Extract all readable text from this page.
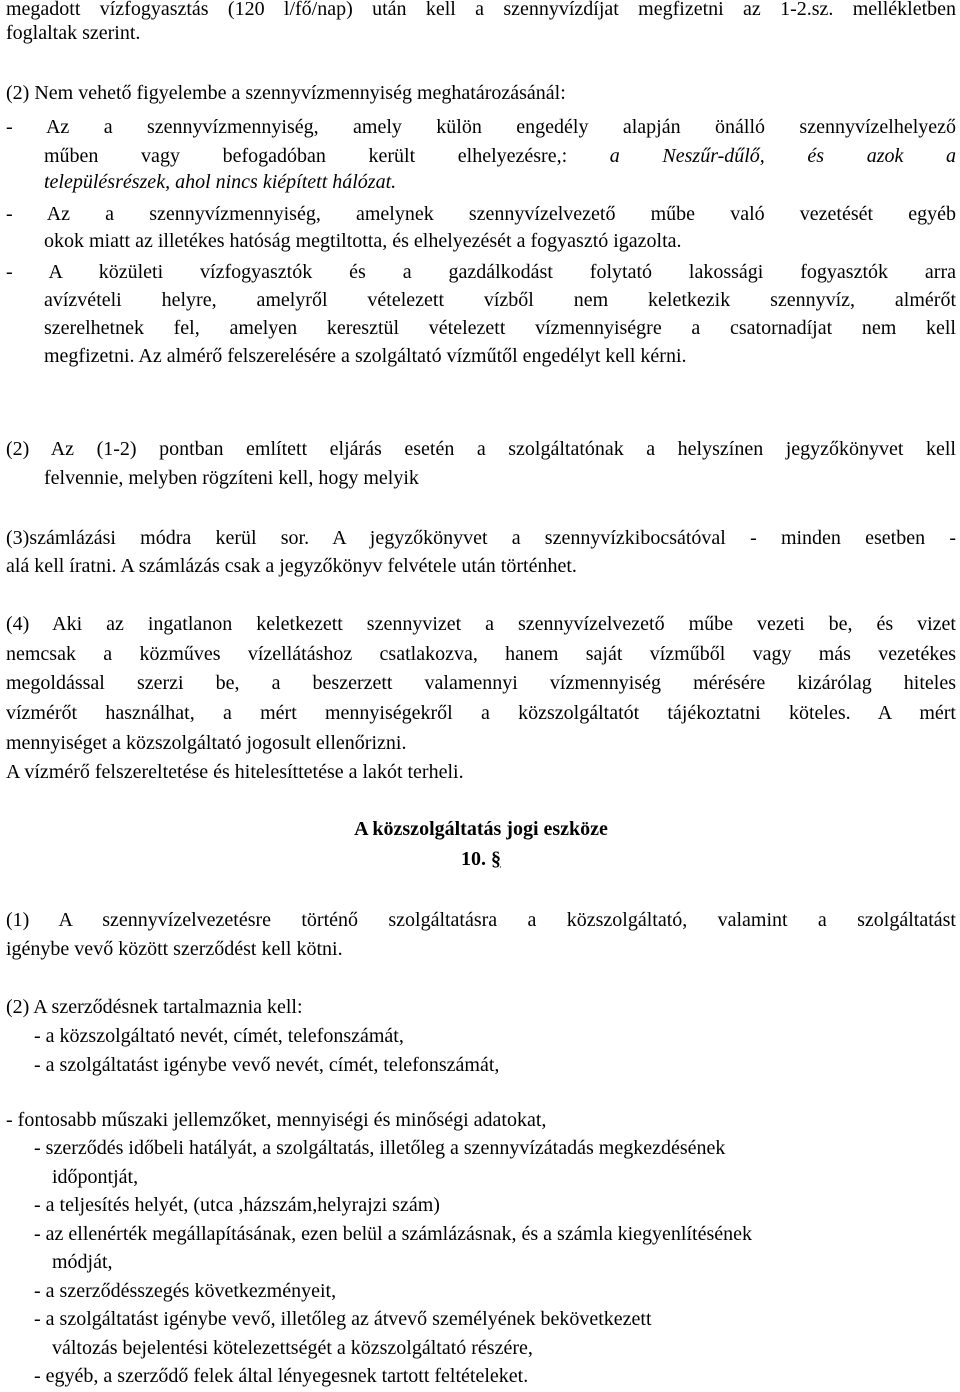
megadott vízfogyasztás (120 l/fő/nap) után kell a szennyvízdíjat megfizetni az 1-2.sz. mellékletben
foglaltak szerint.
(2) Nem vehető figyelembe a szennyvízmennyiség meghatározásánál:
- Az a szennyvízmennyiség, amely külön engedély alapján önálló szennyvízelhelyező
műben vagy befogadóban került elhelyezésre,: a Neszűr-dűlő, és azok a
településrészek, ahol nincs kiépített hálózat.
- Az a szennyvízmennyiség, amelynek szennyvízelvezető műbe való vezetését egyéb
okok miatt az illetékes hatóság megtiltotta, és elhelyezését a fogyasztó igazolta.
- A közületi vízfogyasztók és a gazdálkodást folytató lakossági fogyasztók arra
avízvételi helyre, amelyről vételezett vízből nem keletkezik szennyvíz, almérőt
szerelhetnek fel, amelyen keresztül vételezett vízmennyiségre a csatornadíjat nem kell
megfizetni. Az almérő felszerelésére a szolgáltató vízműtől engedélyt kell kérni.
(2) Az (1-2) pontban említett eljárás esetén a szolgáltatónak a helyszínen jegyzőkönyvet kell
felvennie, melyben rögzíteni kell, hogy melyik
(3)számlázási módra kerül sor. A jegyzőkönyvet a szennyvízkibocsátóval - minden esetben -
alá kell íratni. A számlázás csak a jegyzőkönyv felvétele után történhet.
(4) Aki az ingatlanon keletkezett szennyvizet a szennyvízelvezető műbe vezeti be, és vizet
nemcsak a közműves vízellátáshoz csatlakozva, hanem saját vízműből vagy más vezetékes
megoldással szerzi be, a beszerzett valamennyi vízmennyiség mérésére kizárólag hiteles
vízmérőt használhat, a mért mennyiségekről a közszolgáltatót tájékoztatni köteles. A mért
mennyiséget a közszolgáltató jogosult ellenőrizni.
A vízmérő felszereltetése és hitelesíttetése a lakót terheli.
A közszolgáltatás jogi eszköze
10. §
(1) A szennyvízelvezetésre történő szolgáltatásra a közszolgáltató, valamint a szolgáltatást
igénybe vevő között szerződést kell kötni.
(2) A szerződésnek tartalmaznia kell:
- a közszolgáltató nevét, címét, telefonszámát,
- a szolgáltatást igénybe vevő nevét, címét, telefonszámát,
- fontosabb műszaki jellemzőket, mennyiségi és minőségi adatokat,
- szerződés időbeli hatályát, a szolgáltatás, illetőleg a szennyvízátadás megkezdésének
időpontját,
- a teljesítés helyét, (utca ,házszám,helyrajzi szám)
- az ellenérték megállapításának, ezen belül a számlázásnak, és a számla kiegyenlítésének
módját,
- a szerződésszegés következményeit,
- a szolgáltatást igénybe vevő, illetőleg az átvevő személyének bekövetkezett
változás bejelentési kötelezettségét a közszolgáltató részére,
- egyéb, a szerződő felek által lényegesnek tartott feltételeket.
